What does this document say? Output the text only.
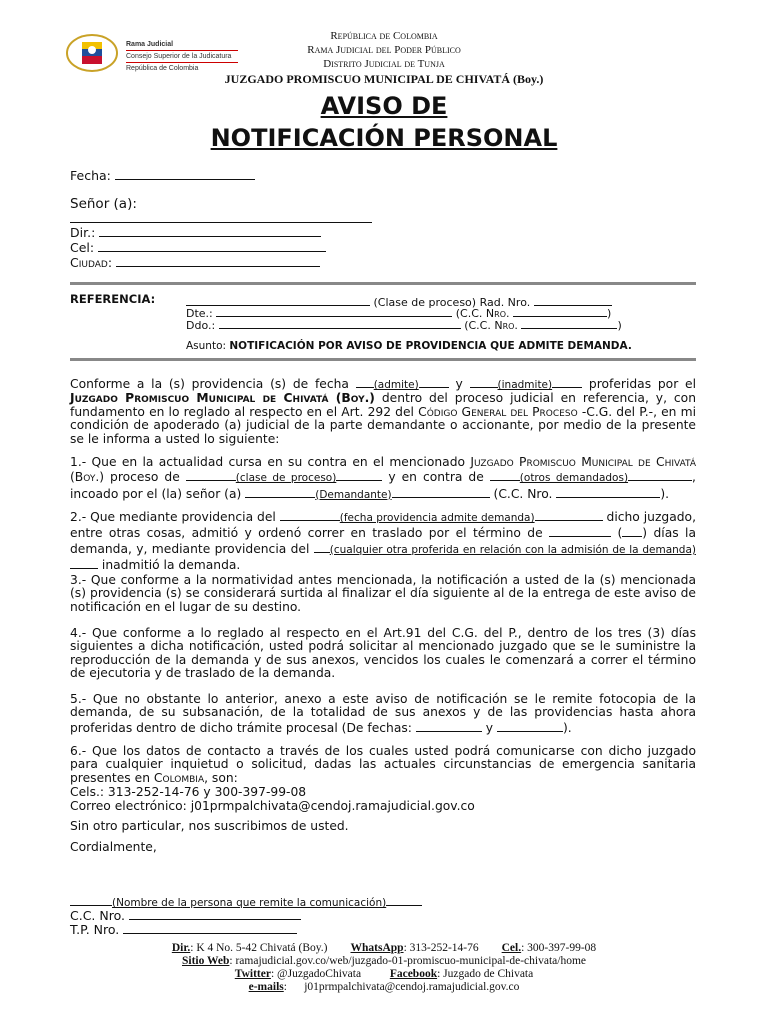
Rama Judicial
Consejo Superior de la Judicatura
República de Colombia
República de Colombia
Rama Judicial del Poder Público
Distrito Judicial de Tunja
JUZGADO PROMISCUO MUNICIPAL DE CHIVATÁ (Boy.)
AVISO DE
NOTIFICACIÓN PERSONAL
Fecha:
Señor (a):
Dir.:
Cel:
Ciudad:
REFERENCIA:	(Clase de proceso) Rad. Nro.
Dte.:	(C.C. Nro.	)
Ddo.:	(C.C. Nro.	)
Asunto: NOTIFICACIÓN POR AVISO DE PROVIDENCIA QUE ADMITE DEMANDA.

Conforme a la (s) providencia (s) de fecha (admite)	y	(inadmite)	proferidas por el Juzgado Promiscuo Municipal de Chivatá (Boy.) dentro del proceso judicial en referencia, y, con fundamento en lo reglado al respecto en el Art. 292 del Código General del Proceso -C.G. del P.-, en mi condición de apoderado (a) judicial de la parte demandante o accionante, por medio de la presente se le informa a usted lo siguiente:

1.- Que en la actualidad cursa en su contra en el mencionado Juzgado Promiscuo Municipal de Chivatá (Boy.) proceso de	(clase de proceso)	y en contra de	(otros demandados)	, incoado por el (la) señor (a)	(Demandante)	(C.C. Nro.	).

2.- Que mediante providencia del	(fecha providencia admite demanda)	dicho juzgado, entre otras cosas, admitió y ordenó correr en traslado por el término de	( ) días la demanda, y, mediante providencia del (cualquier otra proferida en relación con la admisión de la demanda) inadmitió la demanda.

3.- Que conforme a la normatividad antes mencionada, la notificación a usted de la (s) mencionada (s) providencia (s) se considerará surtida al finalizar el día siguiente al de la entrega de este aviso de notificación en el lugar de su destino.
4.- Que conforme a lo reglado al respecto en el Art.91 del C.G. del P., dentro de los tres (3) días siguientes a dicha notificación, usted podrá solicitar al mencionado juzgado que se le suministre la reproducción de la demanda y de sus anexos, vencidos los cuales le comenzará a correr el término de ejecutoria y de traslado de la demanda.

5.- Que no obstante lo anterior, anexo a este aviso de notificación se le remite fotocopia de la demanda, de su subsanación, de la totalidad de sus anexos y de las providencias hasta ahora proferidas dentro de dicho trámite procesal (De fechas:	y	).

6.- Que los datos de contacto a través de los cuales usted podrá comunicarse con dicho juzgado para cualquier inquietud o solicitud, dadas las actuales circunstancias de emergencia sanitaria presentes en Colombia, son:

Cels.: 313-252-14-76 y 300-397-99-08
Correo electrónico: j01prmpalchivata@cendoj.ramajudicial.gov.co
Sin otro particular, nos suscribimos de usted.
Cordialmente,
(Nombre de la persona que remite la comunicación)
C.C. Nro.
T.P. Nro.
Dir.: K 4 No. 5-42 Chivatá (Boy.) WhatsApp: 313-252-14-76 Cel.: 300-397-99-08
Sitio Web: ramajudicial.gov.co/web/juzgado-01-promiscuo-municipal-de-chivata/home
Twitter: @JuzgadoChivata	Facebook: Juzgado de Chivata
e-mails:      j01prmpalchivata@cendoj.ramajudicial.gov.co
